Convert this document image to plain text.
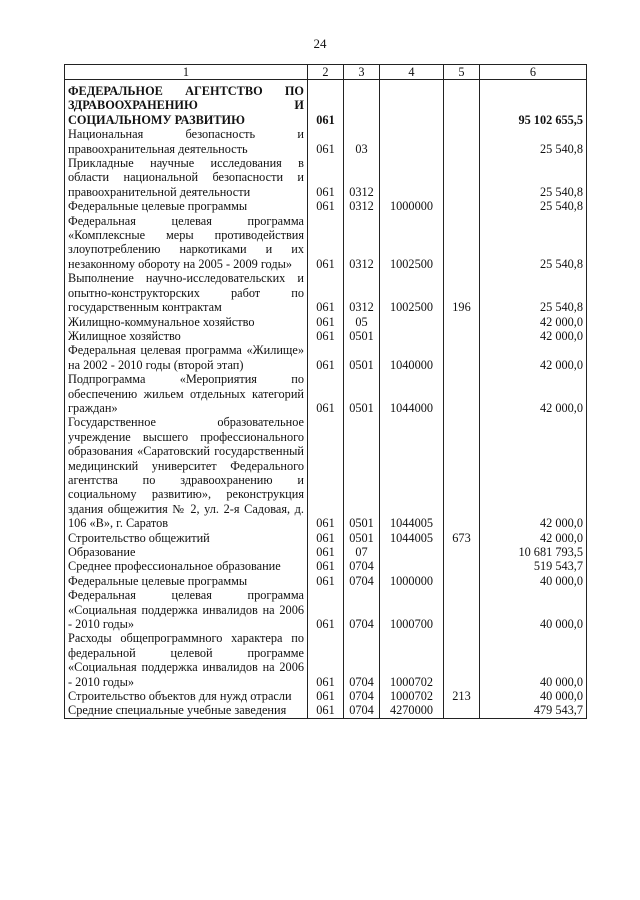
24
1	2	3	4	5	6
ФЕДЕРАЛЬНОЕ АГЕНТСТВО ПО ЗДРАВООХРАНЕНИЮ И СОЦИАЛЬНОМУ РАЗВИТИЮ	061				95 102 655,5
Национальная безопасность и правоохранительная деятельность	061	03			25 540,8
Прикладные научные исследования в области национальной безопасности и правоохранительной деятельности	061	0312			25 540,8
Федеральные целевые программы	061	0312	1000000		25 540,8
Федеральная целевая программа «Комплексные меры противодействия злоупотреблению наркотиками и их незаконному обороту на 2005 - 2009 годы»	061	0312	1002500		25 540,8
Выполнение научно-исследовательских и опытно-конструкторских работ по государственным контрактам	061	0312	1002500	196	25 540,8
Жилищно-коммунальное хозяйство	061	05			42 000,0
Жилищное хозяйство	061	0501			42 000,0
Федеральная целевая программа «Жилище» на 2002 - 2010 годы (второй этап)	061	0501	1040000		42 000,0
Подпрограмма «Мероприятия по обеспечению жильем отдельных категорий граждан»	061	0501	1044000		42 000,0
Государственное образовательное учреждение высшего профессионального образования «Саратовский государственный медицинский университет Федерального агентства по здравоохранению и социальному развитию», реконструкция здания общежития № 2, ул. 2-я Садовая, д. 106 «В», г. Саратов	061	0501	1044005		42 000,0
Строительство общежитий	061	0501	1044005	673	42 000,0
Образование	061	07			10 681 793,5
Среднее профессиональное образование	061	0704			519 543,7
Федеральные целевые программы	061	0704	1000000		40 000,0
Федеральная целевая программа «Социальная поддержка инвалидов на 2006 - 2010 годы»	061	0704	1000700		40 000,0
Расходы общепрограммного характера по федеральной целевой программе «Социальная поддержка инвалидов на 2006 - 2010 годы»	061	0704	1000702		40 000,0
Строительство объектов для нужд отрасли	061	0704	1000702	213	40 000,0
Средние специальные учебные заведения	061	0704	4270000		479 543,7
